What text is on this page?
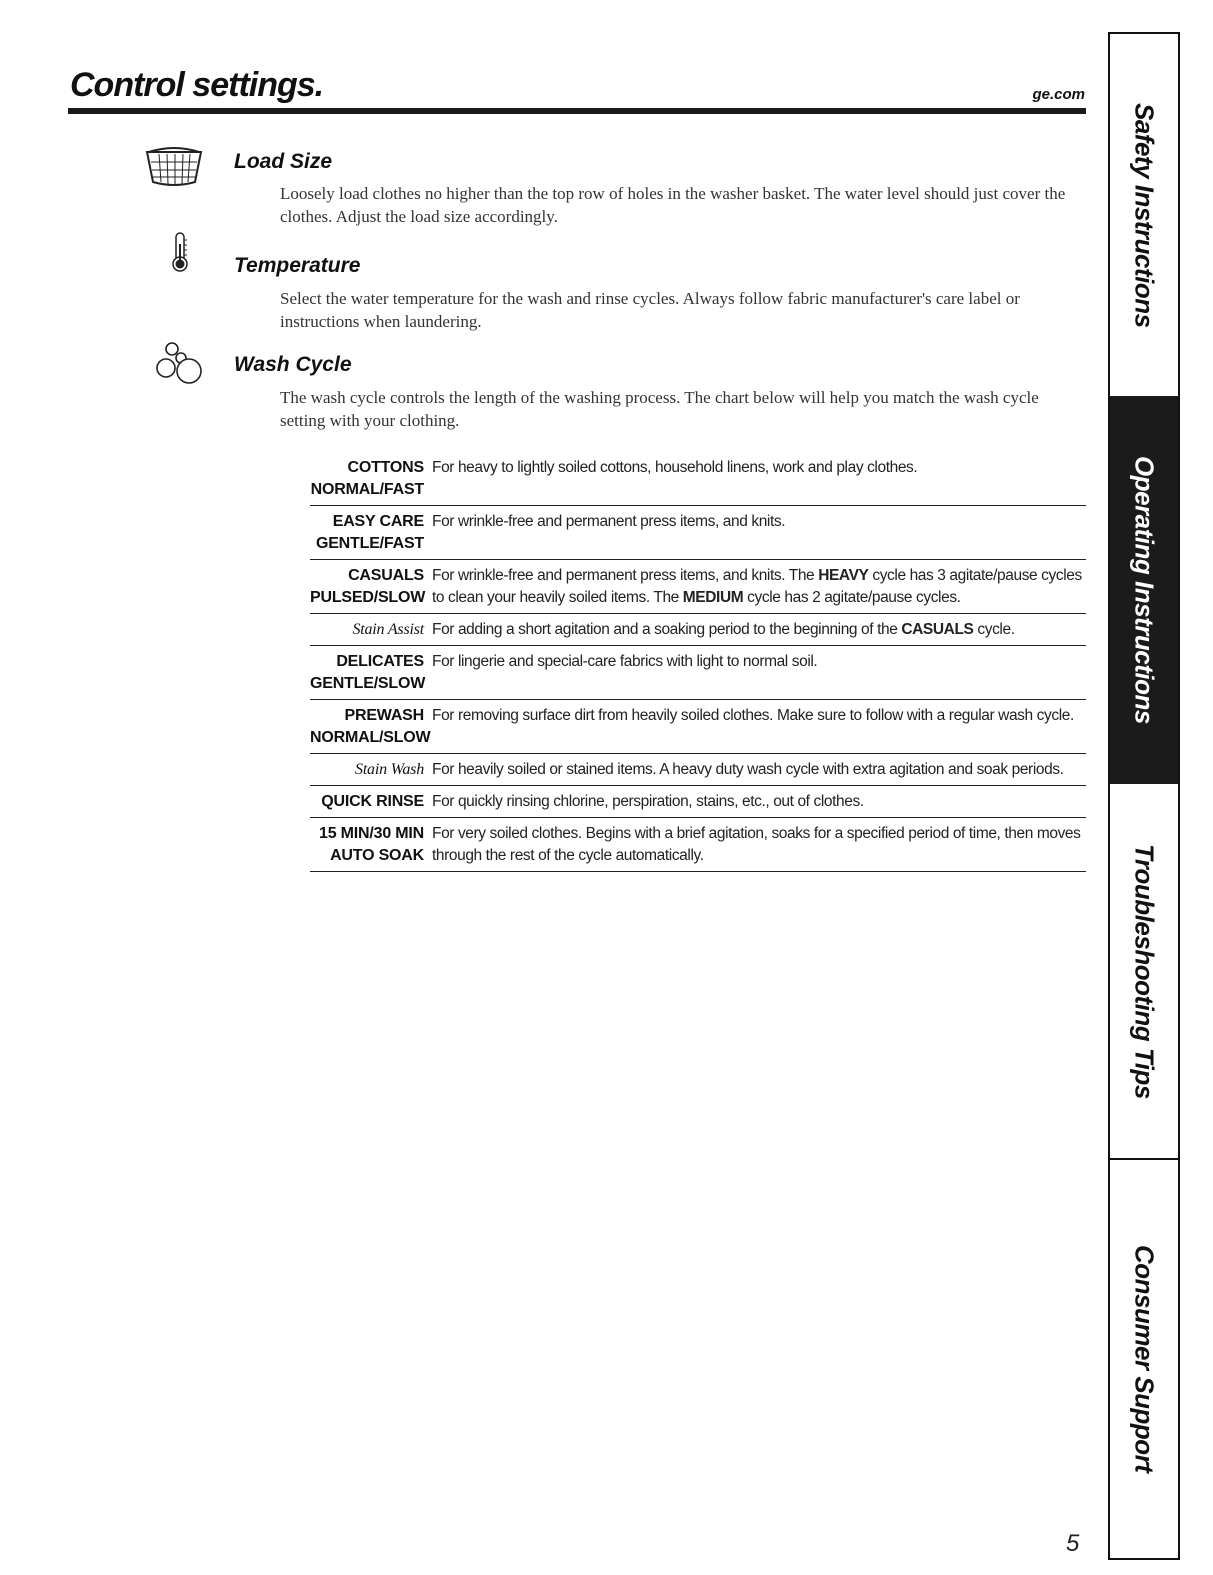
Control settings.	ge.com
Load Size
Loosely load clothes no higher than the top row of holes in the washer basket. The water level should just cover the clothes. Adjust the load size accordingly.
Temperature
Select the water temperature for the wash and rinse cycles. Always follow fabric manufacturer's care label or instructions when laundering.
Wash Cycle
The wash cycle controls the length of the washing process. The chart below will help you match the wash cycle setting with your clothing.
COTTONS
NORMAL/FAST
For heavy to lightly soiled cottons, household linens, work and play clothes.
EASY CARE
GENTLE/FAST
For wrinkle-free and permanent press items, and knits.
CASUALS
PULSED/SLOW
For wrinkle-free and permanent press items, and knits. The HEAVY cycle has 3 agitate/pause cycles to clean your heavily soiled items. The MEDIUM cycle has 2 agitate/pause cycles.
Stain Assist For adding a short agitation and a soaking period to the beginning of the CASUALS cycle.
DELICATES
GENTLE/SLOW
For lingerie and special-care fabrics with light to normal soil.
PREWASH
NORMAL/SLOW
For removing surface dirt from heavily soiled clothes. Make sure to follow with a regular wash cycle.
Stain Wash For heavily soiled or stained items. A heavy duty wash cycle with extra agitation and soak periods.
QUICK RINSE For quickly rinsing chlorine, perspiration, stains, etc., out of clothes.
15 MIN/30 MIN
AUTO SOAK
For very soiled clothes. Begins with a brief agitation, soaks for a specified period of time, then moves through the rest of the cycle automatically.
Safety Instructions
Operating Instructions
Troubleshooting Tips
Consumer Support
5
